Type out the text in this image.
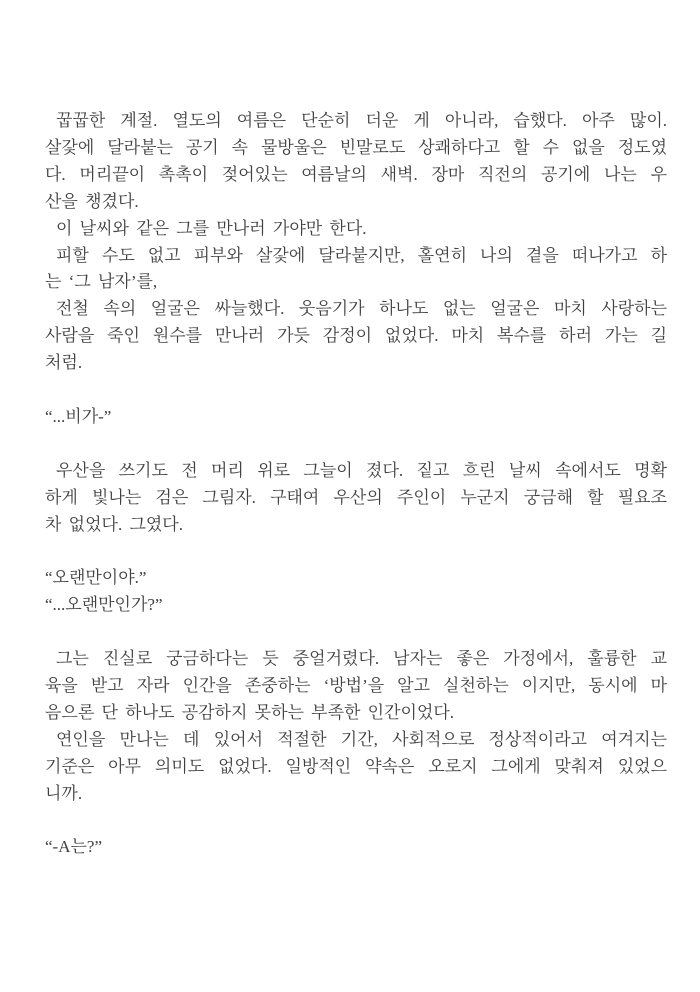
꿉꿉한 계절. 열도의 여름은 단순히 더운 게 아니라, 습했다. 아주 많이.
살갗에 달라붙는 공기 속 물방울은 빈말로도 상쾌하다고 할 수 없을 정도였
다. 머리끝이 촉촉이 젖어있는 여름날의 새벽. 장마 직전의 공기에 나는 우
산을 챙겼다.
이 날씨와 같은 그를 만나러 가야만 한다.
피할 수도 없고 피부와 살갗에 달라붙지만, 홀연히 나의 곁을 떠나가고 하
는 ‘그 남자’를,
전철 속의 얼굴은 싸늘했다. 웃음기가 하나도 없는 얼굴은 마치 사랑하는
사람을 죽인 원수를 만나러 가듯 감정이 없었다. 마치 복수를 하러 가는 길
처럼.
“...비가-”
우산을 쓰기도 전 머리 위로 그늘이 졌다. 짙고 흐린 날씨 속에서도 명확
하게 빛나는 검은 그림자. 구태여 우산의 주인이 누군지 궁금해 할 필요조
차 없었다. 그였다.
“오랜만이야.”
“...오랜만인가?”
그는 진실로 궁금하다는 듯 중얼거렸다. 남자는 좋은 가정에서, 훌륭한 교
육을 받고 자라 인간을 존중하는 ‘방법’을 알고 실천하는 이지만, 동시에 마
음으론 단 하나도 공감하지 못하는 부족한 인간이었다.
연인을 만나는 데 있어서 적절한 기간, 사회적으로 정상적이라고 여겨지는
기준은 아무 의미도 없었다. 일방적인 약속은 오로지 그에게 맞춰져 있었으
니까.
“-A는?”
